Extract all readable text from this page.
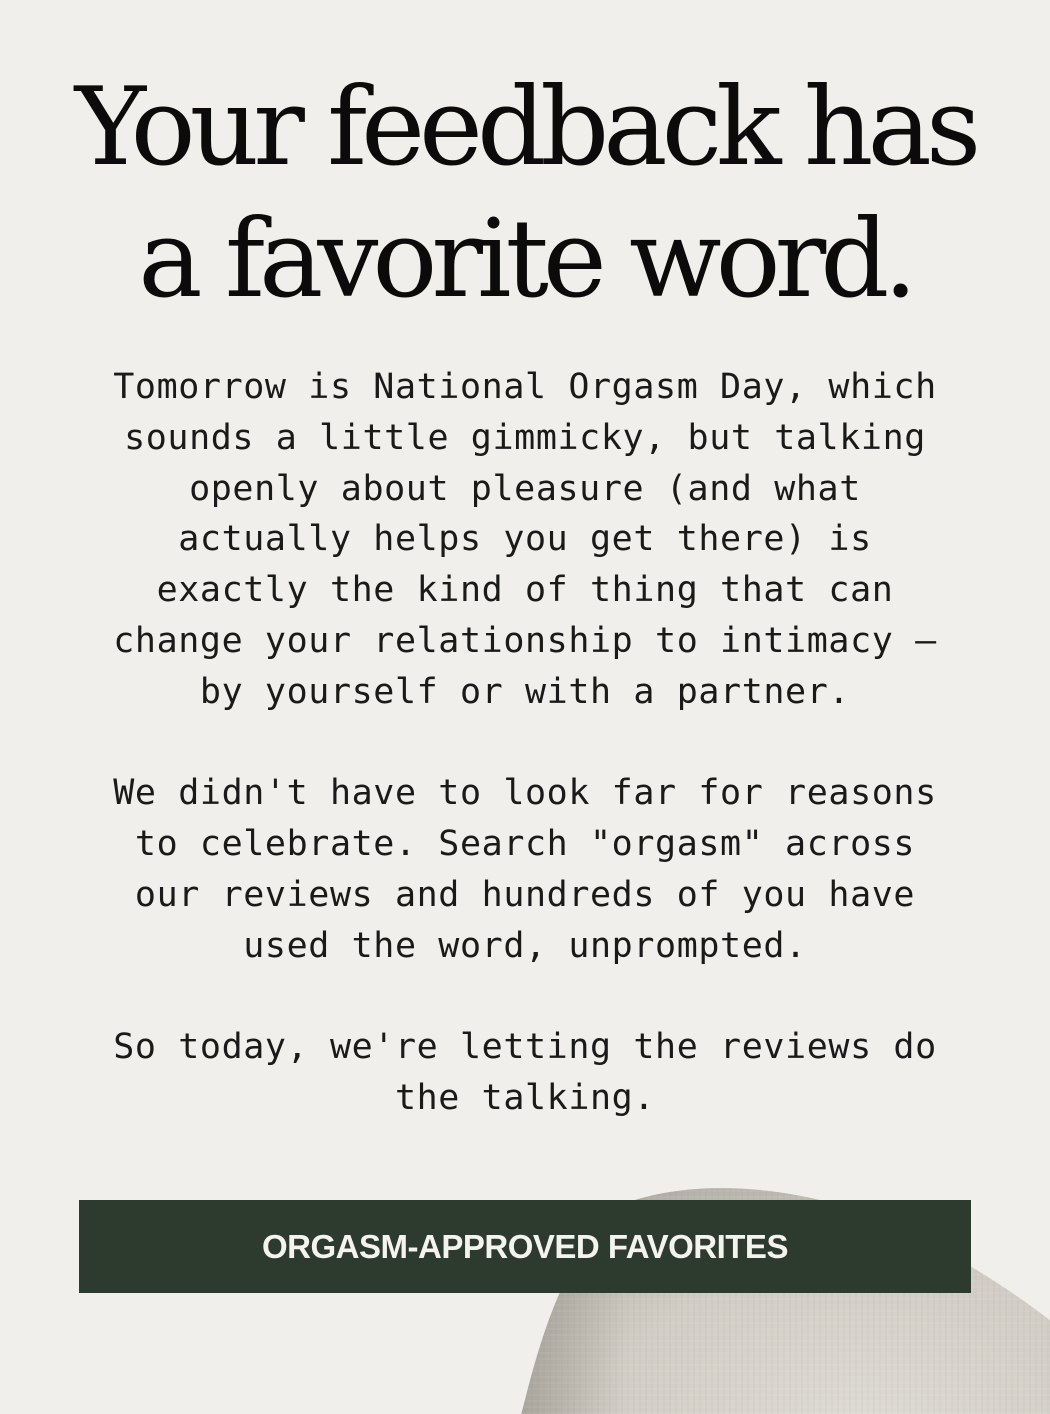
Your feedback has
a favorite word.
Tomorrow is National Orgasm Day, which
sounds a little gimmicky, but talking
openly about pleasure (and what
actually helps you get there) is
exactly the kind of thing that can
change your relationship to intimacy –
by yourself or with a partner.
We didn't have to look far for reasons
to celebrate. Search "orgasm" across
our reviews and hundreds of you have
used the word, unprompted.
So today, we're letting the reviews do
the talking.
ORGASM-APPROVED FAVORITES
